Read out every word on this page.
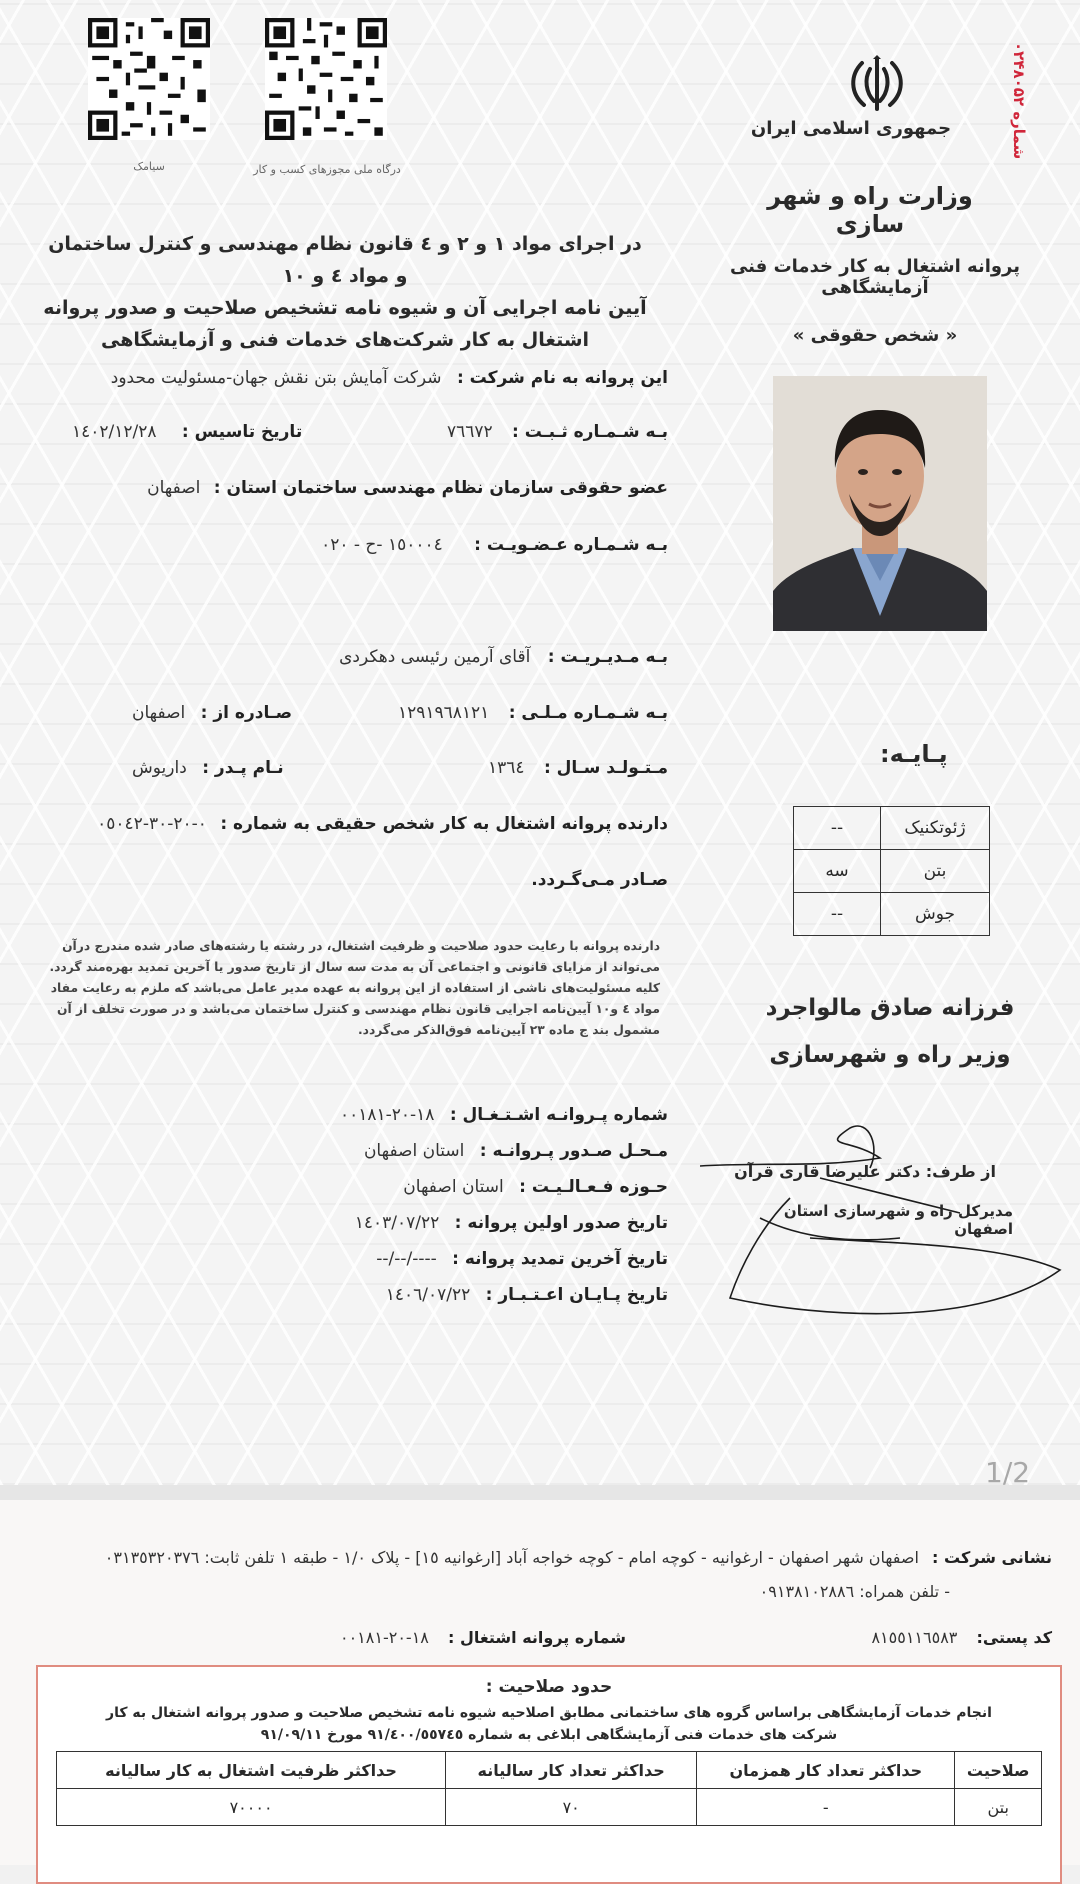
سیامک	درگاه ملی مجوزهای کسب و کار
شماره ۰۲۴۸۰۵۲
جمهوری اسلامی ایران
وزارت راه و شهر سازی
پروانه اشتغال به کار خدمات فنی آزمایشگاهی
« شخص حقوقی »
در اجرای مواد ۱ و ۲ و ٤ قانون نظام مهندسی و کنترل ساختمان و مواد ٤ و ۱۰
آیین نامه اجرایی آن و شیوه نامه تشخیص صلاحیت و صدور پروانه
اشتغال به کار شرکت‌های خدمات فنی و آزمایشگاهی
این پروانه به نام شرکت : شرکت آمایش بتن نقش جهان-مسئولیت محدود
بـه شـمـاره ثـبـت : ٧٦٦٧٢
تاریخ تاسیس : ١٤٠٢/١٢/٢٨
عضو حقوقی سازمان نظام مهندسی ساختمان استان : اصفهان
بـه شـمـاره عـضـویـت : ١٥٠٠٠٤ -ح - ٠٢٠
بـه مـدیـریـت : آقای آرمین رئیسی دهکردی
بـه شـمـاره مـلـی : ١٢٩١٩٦٨١٢١
صـادره از : اصفهان
مـتـولـد سـال : ١٣٦٤
نـام پـدر : داریوش
دارنده پروانه اشتغال به کار شخص حقیقی به شماره : ٠-٢٠-٣٠-٠٥٠٤٢
صـادر مـی‌گـردد.
پـایـه:
--	ژئوتکنیک
سه	بتن
--	جوش
دارنده پروانه با رعایت حدود صلاحیت و ظرفیت اشتغال، در رشته یا رشته‌های صادر شده مندرج درآن
می‌تواند از مزایای قانونی و اجتماعی آن به مدت سه سال از تاریخ صدور یا آخرین تمدید بهره‌مند گردد.
کلیه مسئولیت‌های ناشی از استفاده از این پروانه به عهده مدیر عامل می‌باشد که ملزم به رعایت مفاد
مواد ٤ و١٠ آیین‌نامه اجرایی قانون نظام مهندسی و کنترل ساختمان می‌باشد و در صورت تخلف از آن
مشمول بند ج ماده ٢٣ آیین‌نامه فوق‌الذکر می‌گردد.
فرزانه صادق مالواجرد
وزیر راه و شهرسازی
شماره پـروانـه اشـتـغـال : ١٨-٢٠-٠٠١٨١
مـحـل صـدور پـروانـه : استان اصفهان
حـوزه فـعـالـیـت : استان اصفهان
تاریخ صدور اولین پروانه : ١٤٠٣/٠٧/٢٢
تاریخ آخرین تمدید پروانه : ----/--/--
تاریخ پـایـان اعـتـبـار : ١٤٠٦/٠٧/٢٢
از طرف: دکتر علیرضا قاری قرآن
مدیرکل راه و شهرسازی استان اصفهان
1/2
نشانی شرکت : اصفهان شهر اصفهان - ارغوانیه - کوچه امام - کوچه خواجه آباد [ارغوانیه ١٥] - پلاک ١/٠ - طبقه ١ تلفن ثابت: ٠٣١٣٥٣٢٠٣٧٦
- تلفن همراه: ٠٩١٣٨١٠٢٨٨٦
کد پستی: ٨١٥٥١١٦٥٨٣
شماره پروانه اشتغال : ١٨-٢٠-٠٠١٨١
حدود صلاحیت :
انجام خدمات آزمایشگاهی براساس گروه های ساختمانی مطابق اصلاحیه شیوه نامه تشخیص صلاحیت و صدور پروانه اشتغال به کار
شرکت های خدمات فنی آزمایشگاهی ابلاغی به شماره ٩١/٤٠٠/٥٥٧٤٥ مورخ ٩١/٠٩/١١
صلاحیت	حداکثر تعداد کار همزمان	حداکثر تعداد کار سالیانه	حداکثر ظرفیت اشتغال به کار سالیانه
بتن	-	٧٠	٧٠٠٠٠
